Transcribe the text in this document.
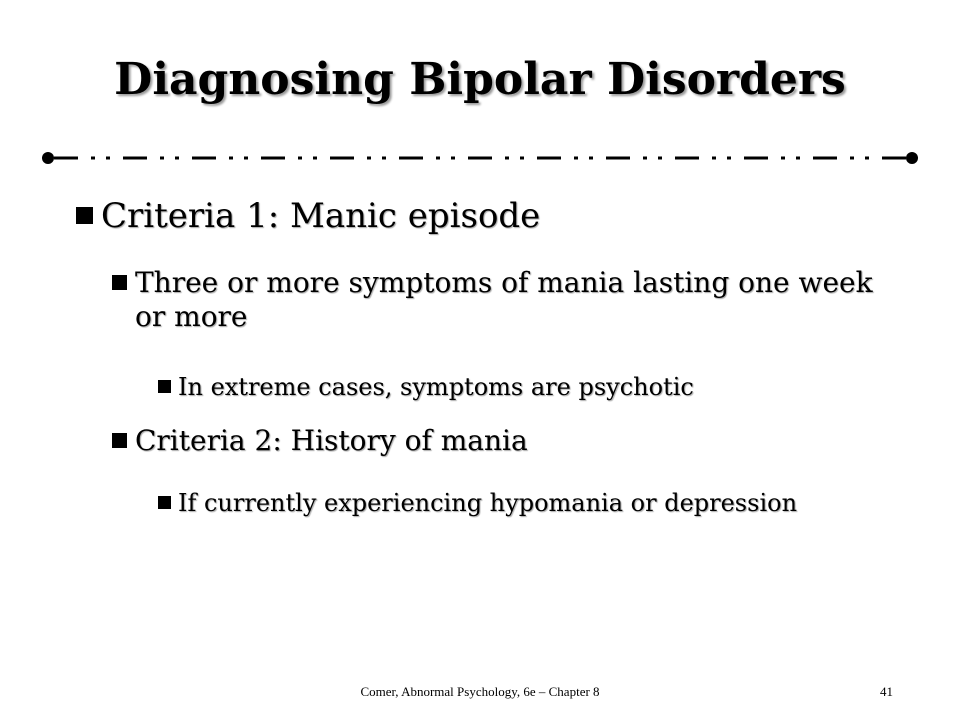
Diagnosing Bipolar Disorders
Criteria 1: Manic episode
Three or more symptoms of mania lasting one week or more
In extreme cases, symptoms are psychotic
Criteria 2: History of mania
If currently experiencing hypomania or depression
Comer, Abnormal Psychology, 6e – Chapter 8	41
